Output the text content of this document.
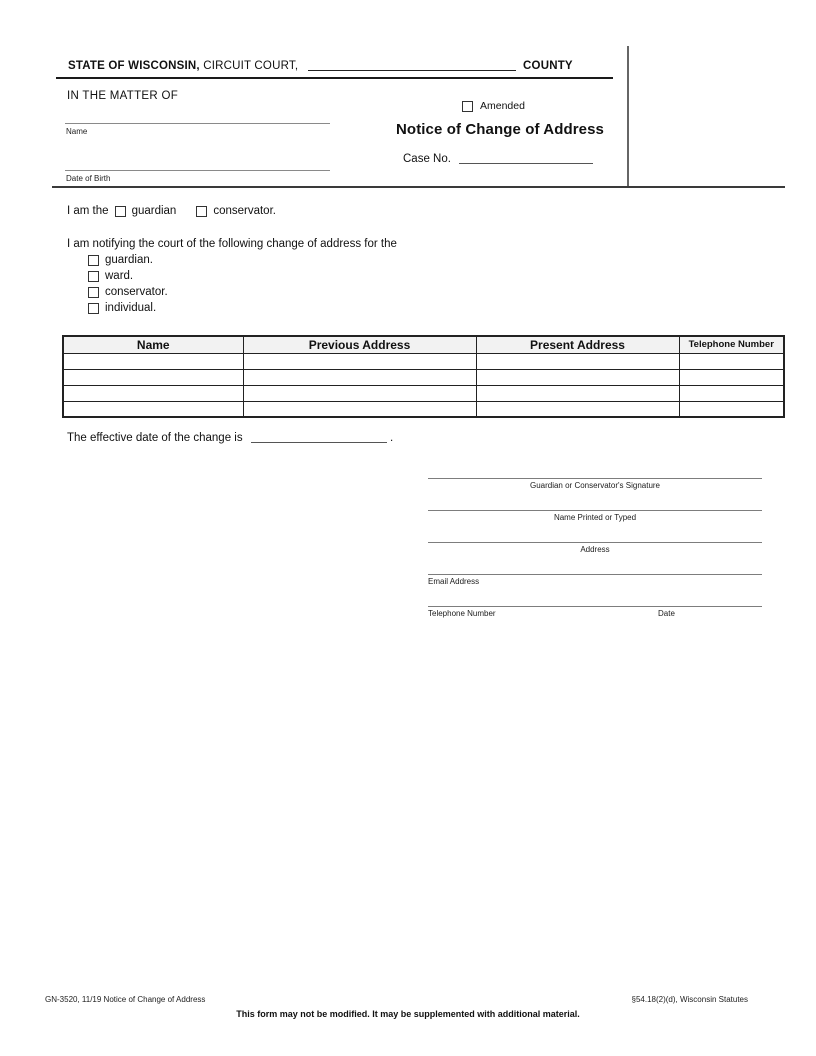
STATE OF WISCONSIN, CIRCUIT COURT,	COUNTY
IN THE MATTER OF
Name
Date of Birth
Amended
Notice of Change of Address
Case No.
I am the guardian	conservator.
I am notifying the court of the following change of address for the
guardian.
ward.
conservator.
individual.
Name	Previous Address	Present Address	Telephone Number

The effective date of the change is	.
Guardian or Conservator's Signature
Name Printed or Typed
Address
Email Address
Telephone Number	Date
GN-3520, 11/19 Notice of Change of Address	§54.18(2)(d), Wisconsin Statutes
This form may not be modified. It may be supplemented with additional material.
